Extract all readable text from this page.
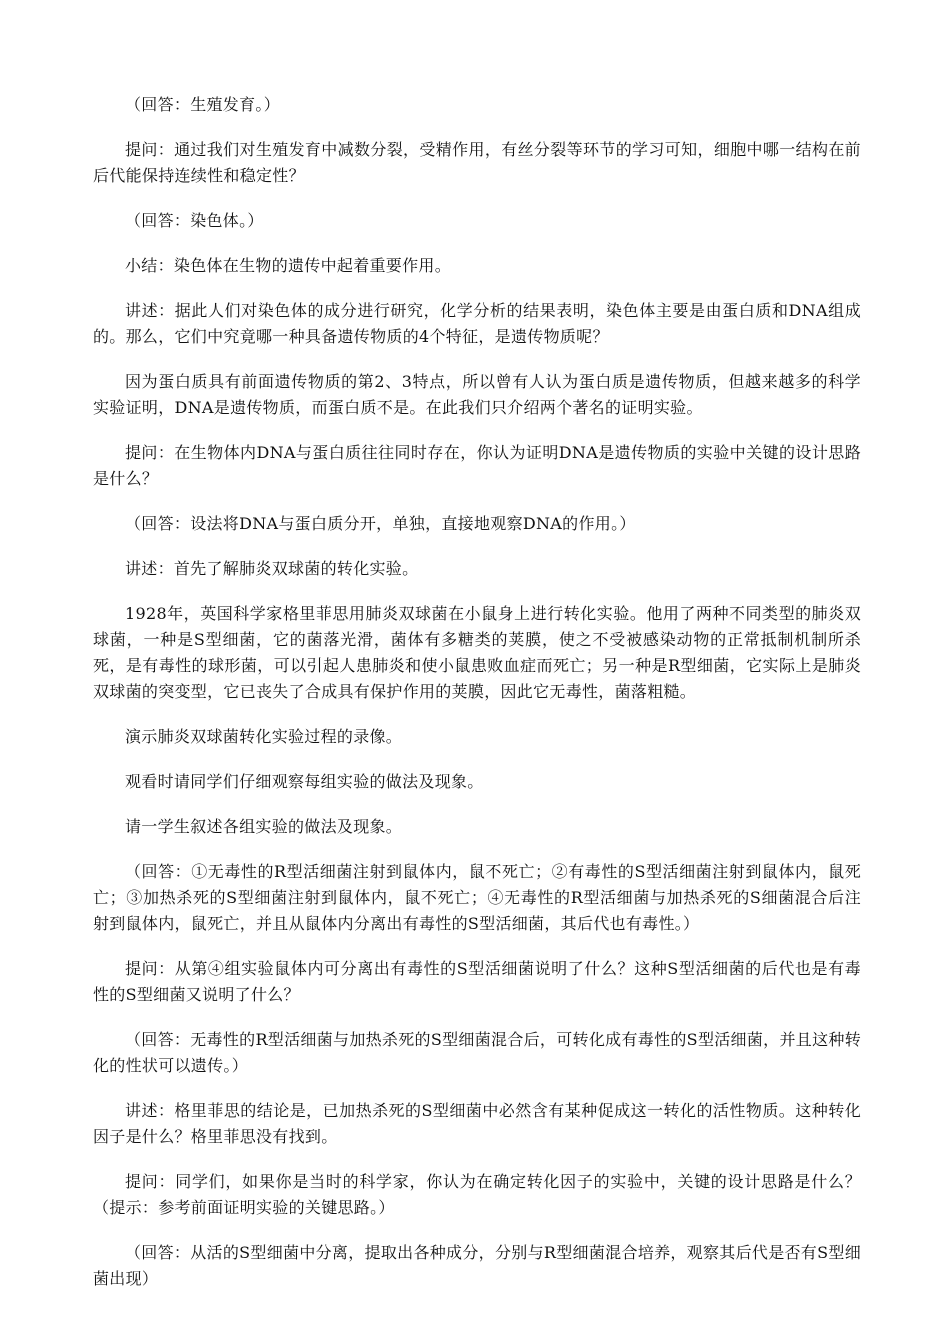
（回答：生殖发育。）

提问：通过我们对生殖发育中减数分裂，受精作用，有丝分裂等环节的学习可知，细胞中哪一结构在前后代能保持连续性和稳定性？

（回答：染色体。）

小结：染色体在生物的遗传中起着重要作用。

讲述：据此人们对染色体的成分进行研究，化学分析的结果表明，染色体主要是由蛋白质和DNA组成的。那么，它们中究竟哪一种具备遗传物质的4个特征，是遗传物质呢？

因为蛋白质具有前面遗传物质的第2、3特点，所以曾有人认为蛋白质是遗传物质，但越来越多的科学实验证明，DNA是遗传物质，而蛋白质不是。在此我们只介绍两个著名的证明实验。

提问：在生物体内DNA与蛋白质往往同时存在，你认为证明DNA是遗传物质的实验中关键的设计思路是什么？

（回答：设法将DNA与蛋白质分开，单独，直接地观察DNA的作用。）

讲述：首先了解肺炎双球菌的转化实验。

1928年，英国科学家格里菲思用肺炎双球菌在小鼠身上进行转化实验。他用了两种不同类型的肺炎双球菌，一种是S型细菌，它的菌落光滑，菌体有多糖类的荚膜，使之不受被感染动物的正常抵制机制所杀死，是有毒性的球形菌，可以引起人患肺炎和使小鼠患败血症而死亡；另一种是R型细菌，它实际上是肺炎双球菌的突变型，它已丧失了合成具有保护作用的荚膜，因此它无毒性，菌落粗糙。

演示肺炎双球菌转化实验过程的录像。

观看时请同学们仔细观察每组实验的做法及现象。

请一学生叙述各组实验的做法及现象。

（回答：①无毒性的R型活细菌注射到鼠体内，鼠不死亡；②有毒性的S型活细菌注射到鼠体内，鼠死亡；③加热杀死的S型细菌注射到鼠体内，鼠不死亡；④无毒性的R型活细菌与加热杀死的S细菌混合后注射到鼠体内，鼠死亡，并且从鼠体内分离出有毒性的S型活细菌，其后代也有毒性。）

提问：从第④组实验鼠体内可分离出有毒性的S型活细菌说明了什么？这种S型活细菌的后代也是有毒性的S型细菌又说明了什么？

（回答：无毒性的R型活细菌与加热杀死的S型细菌混合后，可转化成有毒性的S型活细菌，并且这种转化的性状可以遗传。）

讲述：格里菲思的结论是，已加热杀死的S型细菌中必然含有某种促成这一转化的活性物质。这种转化因子是什么？格里菲思没有找到。

提问：同学们，如果你是当时的科学家，你认为在确定转化因子的实验中，关键的设计思路是什么？（提示：参考前面证明实验的关键思路。）

（回答：从活的S型细菌中分离，提取出各种成分，分别与R型细菌混合培养，观察其后代是否有S型细菌出现）
